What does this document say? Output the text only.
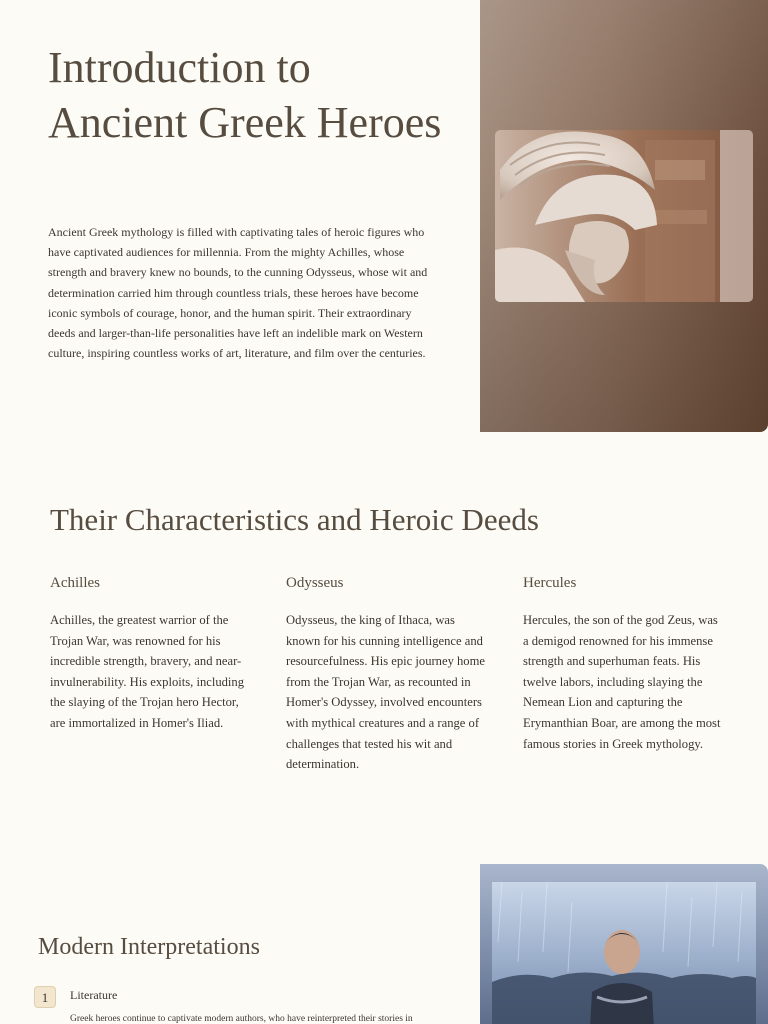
Introduction to Ancient Greek Heroes

Ancient Greek mythology is filled with captivating tales of heroic figures who have captivated audiences for millennia. From the mighty Achilles, whose strength and bravery knew no bounds, to the cunning Odysseus, whose wit and determination carried him through countless trials, these heroes have become iconic symbols of courage, honor, and the human spirit. Their extraordinary deeds and larger-than-life personalities have left an indelible mark on Western culture, inspiring countless works of art, literature, and film over the centuries.

Their Characteristics and Heroic Deeds
Achilles

Achilles, the greatest warrior of the Trojan War, was renowned for his incredible strength, bravery, and near-invulnerability. His exploits, including the slaying of the Trojan hero Hector, are immortalized in Homer's Iliad.

Odysseus

Odysseus, the king of Ithaca, was known for his cunning intelligence and resourcefulness. His epic journey home from the Trojan War, as recounted in Homer's Odyssey, involved encounters with mythical creatures and a range of challenges that tested his wit and determination.

Hercules

Hercules, the son of the god Zeus, was a demigod renowned for his immense strength and superhuman feats. His twelve labors, including slaying the Nemean Lion and capturing the Erymanthian Boar, are among the most famous stories in Greek mythology.

Modern Interpretations
1	Literature
Greek heroes continue to captivate modern authors, who have reinterpreted their stories in
